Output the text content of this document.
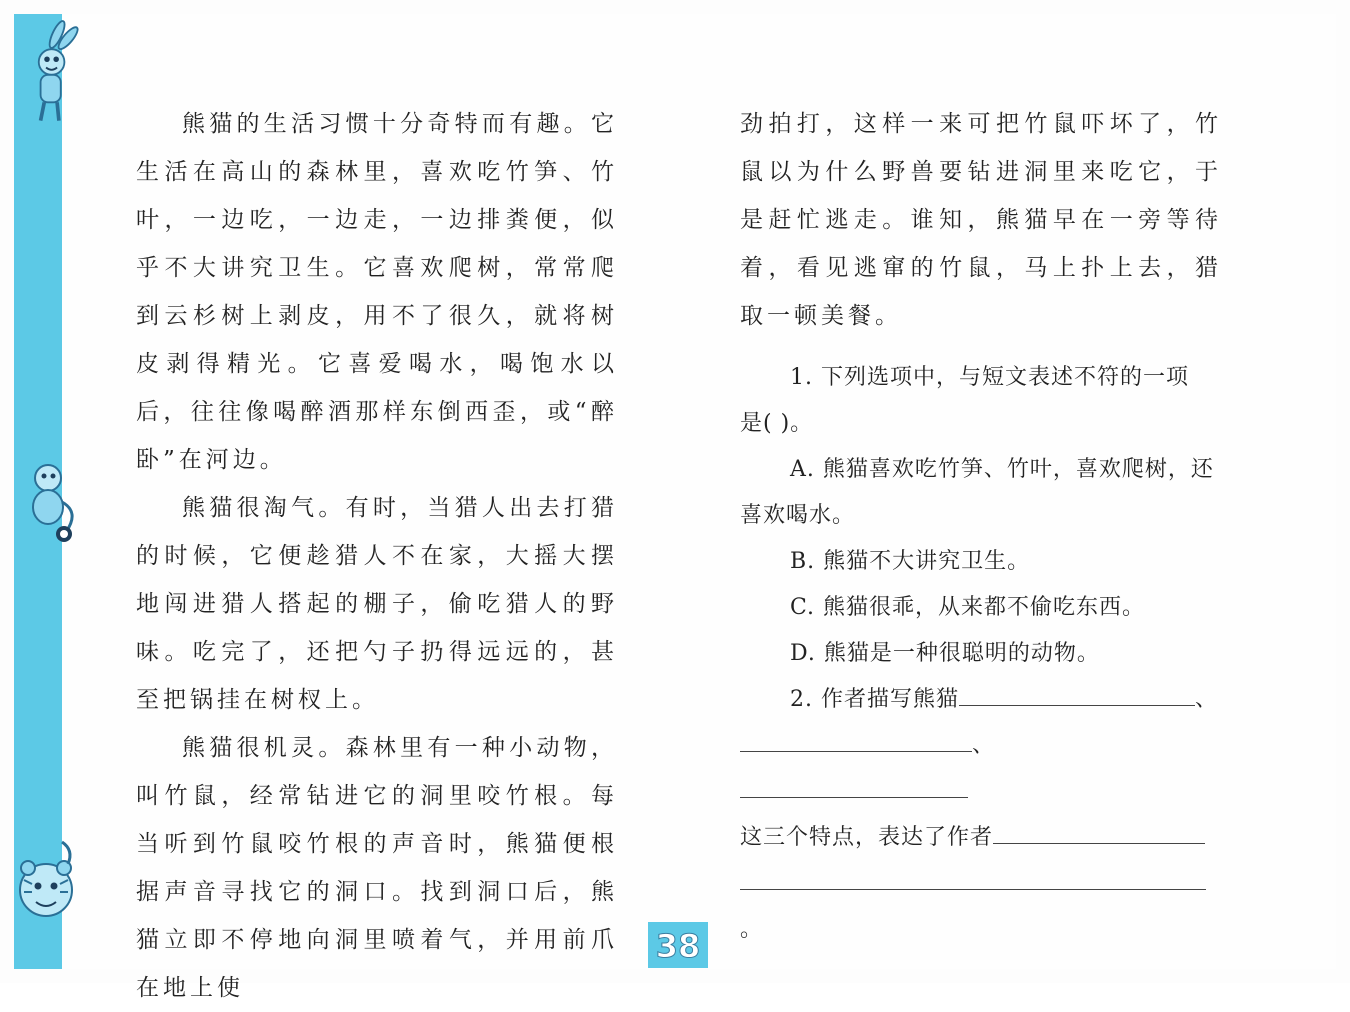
熊猫的生活习惯十分奇特而有趣。它生活在高山的森林里，喜欢吃竹笋、竹叶，一边吃，一边走，一边排粪便，似乎不大讲究卫生。它喜欢爬树，常常爬到云杉树上剥皮，用不了很久，就将树皮剥得精光。它喜爱喝水，喝饱水以后，往往像喝醉酒那样东倒西歪，或“醉卧”在河边。

熊猫很淘气。有时，当猎人出去打猎的时候，它便趁猎人不在家，大摇大摆地闯进猎人搭起的棚子，偷吃猎人的野味。吃完了，还把勺子扔得远远的，甚至把锅挂在树杈上。

熊猫很机灵。森林里有一种小动物，叫竹鼠，经常钻进它的洞里咬竹根。每当听到竹鼠咬竹根的声音时，熊猫便根据声音寻找它的洞口。找到洞口后，熊猫立即不停地向洞里喷着气，并用前爪在地上使

劲拍打，这样一来可把竹鼠吓坏了，竹鼠以为什么野兽要钻进洞里来吃它，于是赶忙逃走。谁知，熊猫早在一旁等待着，看见逃窜的竹鼠，马上扑上去，猎取一顿美餐。

1. 下列选项中，与短文表述不符的一项

是( )。

A. 熊猫喜欢吃竹笋、竹叶，喜欢爬树，还

喜欢喝水。

B. 熊猫不大讲究卫生。

C. 熊猫很乖，从来都不偷吃东西。

D. 熊猫是一种很聪明的动物。

2. 作者描写熊猫	、

、

这三个特点，表达了作者

。

38
